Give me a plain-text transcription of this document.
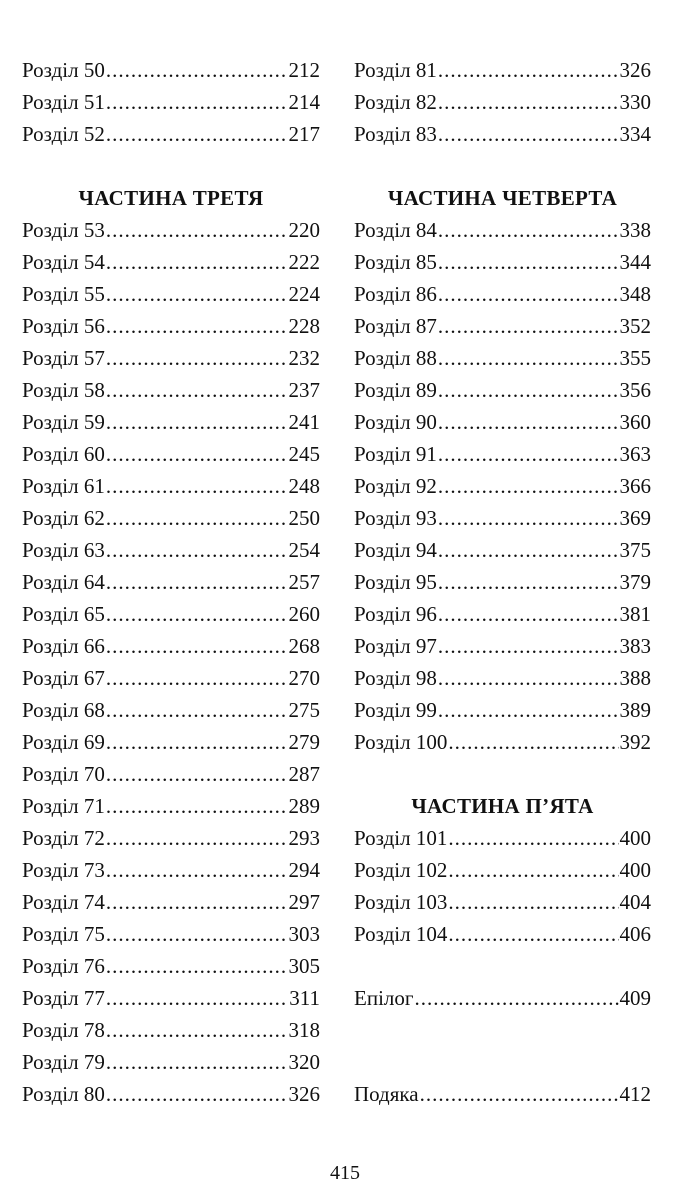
Розділ 50 .....	212
Розділ 51 .....	214
Розділ 52 .....	217
ЧАСТИНА ТРЕТЯ
Розділ 53 .....	220
Розділ 54 .....	222
Розділ 55 .....	224
Розділ 56 .....	228
Розділ 57 .....	232
Розділ 58 .....	237
Розділ 59 .....	241
Розділ 60 .....	245
Розділ 61 .....	248
Розділ 62 .....	250
Розділ 63 .....	254
Розділ 64 .....	257
Розділ 65 .....	260
Розділ 66 .....	268
Розділ 67 .....	270
Розділ 68 .....	275
Розділ 69 .....	279
Розділ 70 .....	287
Розділ 71 .....	289
Розділ 72 .....	293
Розділ 73 .....	294
Розділ 74 .....	297
Розділ 75 .....	303
Розділ 76 .....	305
Розділ 77 .....	311
Розділ 78 .....	318
Розділ 79 .....	320
Розділ 80 .....	326
Розділ 81 .....	326
Розділ 82 .....	330
Розділ 83 .....	334
ЧАСТИНА ЧЕТВЕРТА
Розділ 84 .....	338
Розділ 85 .....	344
Розділ 86 .....	348
Розділ 87 .....	352
Розділ 88 .....	355
Розділ 89 .....	356
Розділ 90 .....	360
Розділ 91 .....	363
Розділ 92 .....	366
Розділ 93 .....	369
Розділ 94 .....	375
Розділ 95 .....	379
Розділ 96 .....	381
Розділ 97 .....	383
Розділ 98 .....	388
Розділ 99 .....	389
Розділ 100 .....	392
ЧАСТИНА П’ЯТА
Розділ 101 .....	400
Розділ 102 .....	400
Розділ 103 .....	404
Розділ 104 .....	406
Епілог .....	409
Подяка .....	412
415
